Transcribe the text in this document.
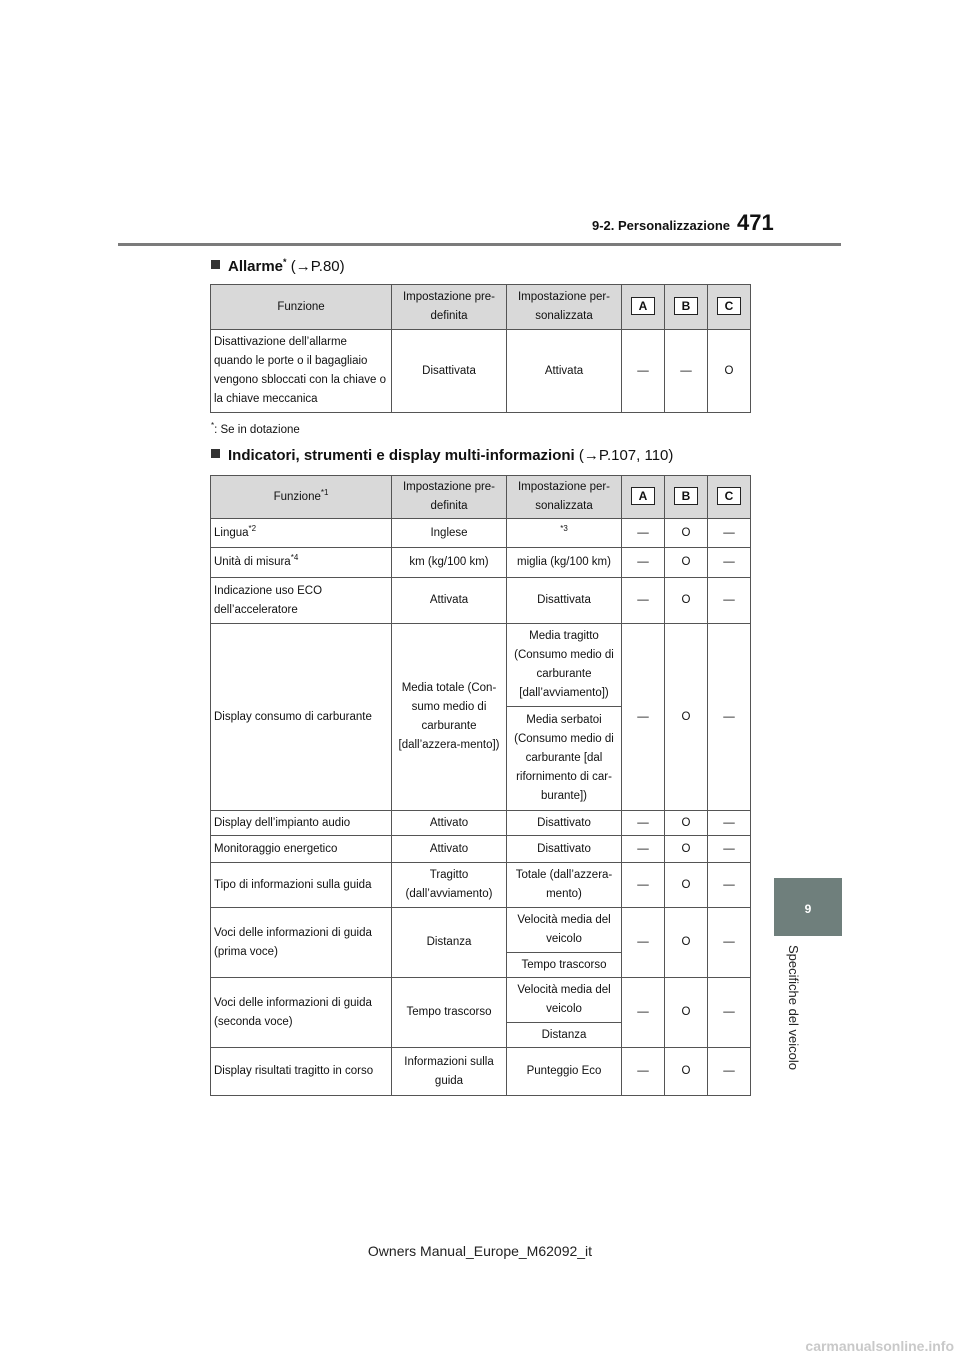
9-2. Personalizzazione 471
9
Specifiche del veicolo
Allarme* (→P.80)
Funzione	Impostazione pre-definita	Impostazione per-sonalizzata	A	B	C
Disattivazione dell’allarme quando le porte o il bagagliaio vengono sbloccati con la chiave o la chiave meccanica	Disattivata	Attivata	—	—	O
*: Se in dotazione
Indicatori, strumenti e display multi-informazioni (→P.107, 110)
Funzione$^{*1}$	Impostazione pre-definita	Impostazione per-sonalizzata	A	B	C
Lingua$^{*2}$	Inglese	$^{*3}$	—	O	—
Unità di misura$^{*4}$	km (kg/100 km)	miglia (kg/100 km)	—	O	—
Indicazione uso ECO dell’acceleratore	Attivata	Disattivata	—	O	—
Display consumo di carburante	Media totale (Con-sumo medio di carburante [dall’azzera-mento])	Media tragitto (Consumo medio di carburante [dall’avviamento])	—	O	—
		Media serbatoi (Consumo medio di carburante [dal rifornimento di car-burante])			
Display dell’impianto audio	Attivato	Disattivato	—	O	—
Monitoraggio energetico	Attivato	Disattivato	—	O	—
Tipo di informazioni sulla guida	Tragitto (dall’avviamento)	Totale (dall’azzera-mento)	—	O	—
Voci delle informazioni di guida (prima voce)	Distanza	Velocità media del veicolo	—	O	—
		Tempo trascorso			
Voci delle informazioni di guida (seconda voce)	Tempo trascorso	Velocità media del veicolo	—	O	—
		Distanza			
Display risultati tragitto in corso	Informazioni sulla guida	Punteggio Eco	—	O	—
Owners Manual_Europe_M62092_it
carmanualsonline.info
